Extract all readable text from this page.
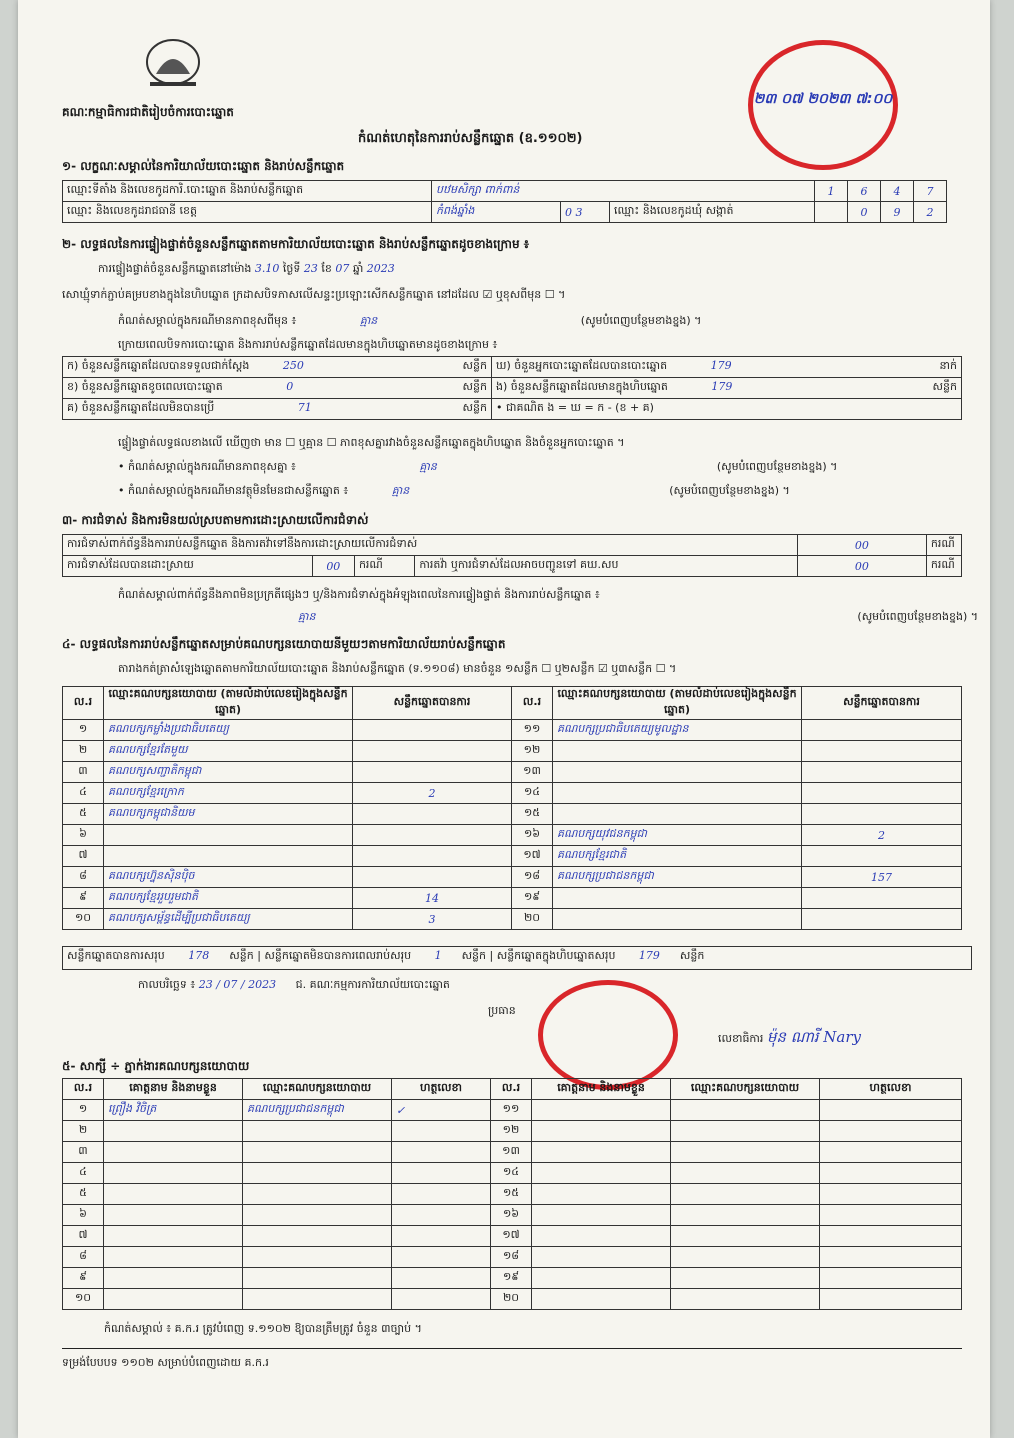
គណៈកម្មាធិការជាតិរៀបចំការបោះឆ្នោត
២៣ ០៧ ២០២៣ ៧:០០
កំណត់ហេតុនៃការរាប់សន្លឹកឆ្នោត (ឧ.១១០២)
១- លក្ខណៈសម្គាល់នៃការិយាល័យបោះឆ្នោត និងរាប់សន្លឹកឆ្នោត
ឈ្មោះទីតាំង និងលេខកូដការិ.បោះឆ្នោត និងរាប់សន្លឹកឆ្នោត	បឋមសិក្សា ពាក់ពាន់			1	6	4	7
ឈ្មោះ និងលេខកូដរាជធានី ខេត្ត	កំពង់ឆ្នាំង	0 3	ឈ្មោះ និងលេខកូដឃុំ សង្កាត់		0	9	2
២- លទ្ធផលនៃការផ្ទៀងផ្ទាត់ចំនួនសន្លឹកឆ្នោតតាមការិយាល័យបោះឆ្នោត និងរាប់សន្លឹកឆ្នោតដូចខាងក្រោម ៖
ការផ្ទៀងផ្ទាត់ចំនួនសន្លឹកឆ្នោតនៅម៉ោង 3.10 ថ្ងៃទី 23 ខែ 07 ឆ្នាំ 2023
សោឃ្មុំទាក់ភ្ជាប់គម្របខាងក្នុងនៃហិបឆ្នោត ក្រដាសបិទភាសលើសន្ទះប្រឡោះសើកសន្លឹកឆ្នោត នៅដដែល ☑ ឬខុសពីមុន ☐ ។
កំណត់សម្គាល់ក្នុងករណីមានភាពខុសពីមុន ៖	គ្មាន	(សូមបំពេញបន្ថែមខាងខ្នង) ។
ក្រោយពេលបិទការបោះឆ្នោត និងការរាប់សន្លឹកឆ្នោតដែលមានក្នុងហិបឆ្នោតមានដូចខាងក្រោម ៖
ក) ចំនួនសន្លឹកឆ្នោតដែលបានទទួលជាក់ស្តែង 250 សន្លឹក	ឃ) ចំនួនអ្នកបោះឆ្នោតដែលបានបោះឆ្នោត 179 នាក់

ខ) ចំនួនសន្លឹកឆ្នោតខូចពេលបោះឆ្នោត 0 សន្លឹក	ង) ចំនួនសន្លឹកឆ្នោតដែលមានក្នុងហិបឆ្នោត 179 សន្លឹក

គ) ចំនួនសន្លឹកឆ្នោតដែលមិនបានប្រើ 71 សន្លឹក	• ជាគណិត ង = ឃ = ក - (ខ + គ)
ផ្ទៀងផ្ទាត់លទ្ធផលខាងលើ ឃើញថា មាន ☐ ឬគ្មាន ☐ ភាពខុសគ្នារវាងចំនួនសន្លឹកឆ្នោតក្នុងហិបឆ្នោត និងចំនួនអ្នកបោះឆ្នោត ។
• កំណត់សម្គាល់ក្នុងករណីមានភាពខុសគ្នា ៖	គ្មាន	(សូមបំពេញបន្ថែមខាងខ្នង) ។
• កំណត់សម្គាល់ក្នុងករណីមានវត្ថុមិនមែនជាសន្លឹកឆ្នោត ៖	គ្មាន	(សូមបំពេញបន្ថែមខាងខ្នង) ។
៣- ការជំទាស់ និងការមិនយល់ស្របតាមការដោះស្រាយលើការជំទាស់
ការជំទាស់ពាក់ព័ន្ធនឹងការរាប់សន្លឹកឆ្នោត និងការតវ៉ាទៅនឹងការដោះស្រាយលើការជំទាស់				00	ករណី
ការជំទាស់ដែលបានដោះស្រាយ	00	ករណី	ការតវ៉ា ឬការជំទាស់ដែលអាចបញ្ជូនទៅ គឃ.សប	00	ករណី
កំណត់សម្គាល់ពាក់ព័ន្ធនឹងភាពមិនប្រក្រតីផ្សេងៗ ឬ/និងការជំទាស់ក្នុងអំឡុងពេលនៃការផ្ទៀងផ្ទាត់ និងការរាប់សន្លឹកឆ្នោត ៖
គ្មាន	(សូមបំពេញបន្ថែមខាងខ្នង) ។
៤- លទ្ធផលនៃការរាប់សន្លឹកឆ្នោតសម្រាប់គណបក្សនយោបាយនីមួយៗតាមការិយាល័យរាប់សន្លឹកឆ្នោត
តារាងកត់ត្រាសំឡេងឆ្នោតតាមការិយាល័យបោះឆ្នោត និងរាប់សន្លឹកឆ្នោត (ទ.១១០៨) មានចំនួន ១សន្លឹក ☐ ឬ២សន្លឹក ☑ ឬ៣សន្លឹក ☐ ។
ល.រ	ឈ្មោះគណបក្សនយោបាយ (តាមលំដាប់លេខរៀងក្នុងសន្លឹកឆ្នោត)	សន្លឹកឆ្នោតបានការ	ល.រ	ឈ្មោះគណបក្សនយោបាយ (តាមលំដាប់លេខរៀងក្នុងសន្លឹកឆ្នោត)	សន្លឹកឆ្នោតបានការ
១	គណបក្សកម្លាំងប្រជាធិបតេយ្យ		១១	គណបក្សប្រជាធិបតេយ្យមូលដ្ឋាន	
២	គណបក្សខ្មែរតែមួយ		១២		
៣	គណបក្សសញ្ជាតិកម្ពុជា		១៣		
៤	គណបក្សខ្មែរក្រោក	2	១៤		
៥	គណបក្សកម្ពុជានិយម		១៥		
៦			១៦	គណបក្សយុវជនកម្ពុជា	2
៧			១៧	គណបក្សខ្មែរជាតិ	
៨	គណបក្សហ្វ៊ុនស៊ិនប៉ិច		១៨	គណបក្សប្រជាជនកម្ពុជា	157
៩	គណបក្សខ្មែររួបរួមជាតិ	14	១៩		
១០	គណបក្សសម្ព័ន្ធដើម្បីប្រជាធិបតេយ្យ	3	២០		
សន្លឹកឆ្នោតបានការសរុប 178 សន្លឹក | សន្លឹកឆ្នោតមិនបានការពេលរាប់សរុប 1 សន្លឹក | សន្លឹកឆ្នោតក្នុងហិបឆ្នោតសរុប 179 សន្លឹក
កាលបរិច្ឆេទ ៖ 23 / 07 / 2023 ជ. គណៈកម្មការការិយាល័យបោះឆ្នោត
ប្រធាន
លេខាធិការ ម៉ុន ណារី Nary
៥- សាក្សី ÷ ភ្នាក់ងារគណបក្សនយោបាយ
ល.រ	គោត្តនាម និងនាមខ្លួន	ឈ្មោះគណបក្សនយោបាយ	ហត្ថលេខា	ល.រ	គោត្តនាម និងនាមខ្លួន	ឈ្មោះគណបក្សនយោបាយ	ហត្ថលេខា
១	ព្រឿង វិចិត្រ	គណបក្សប្រជាជនកម្ពុជា	✓	១១			
២				១២			
៣				១៣			
៤				១៤			
៥				១៥			
៦				១៦			
៧				១៧			
៨				១៨			
៩				១៩			
១០				២០			
កំណត់សម្គាល់ ៖ គ.ក.រ ត្រូវបំពេញ ទ.១១០២ ឱ្យបានត្រឹមត្រូវ ចំនួន ៣ច្បាប់ ។
ទម្រង់បែបបទ ១១០២ សម្រាប់បំពេញដោយ គ.ក.រ
